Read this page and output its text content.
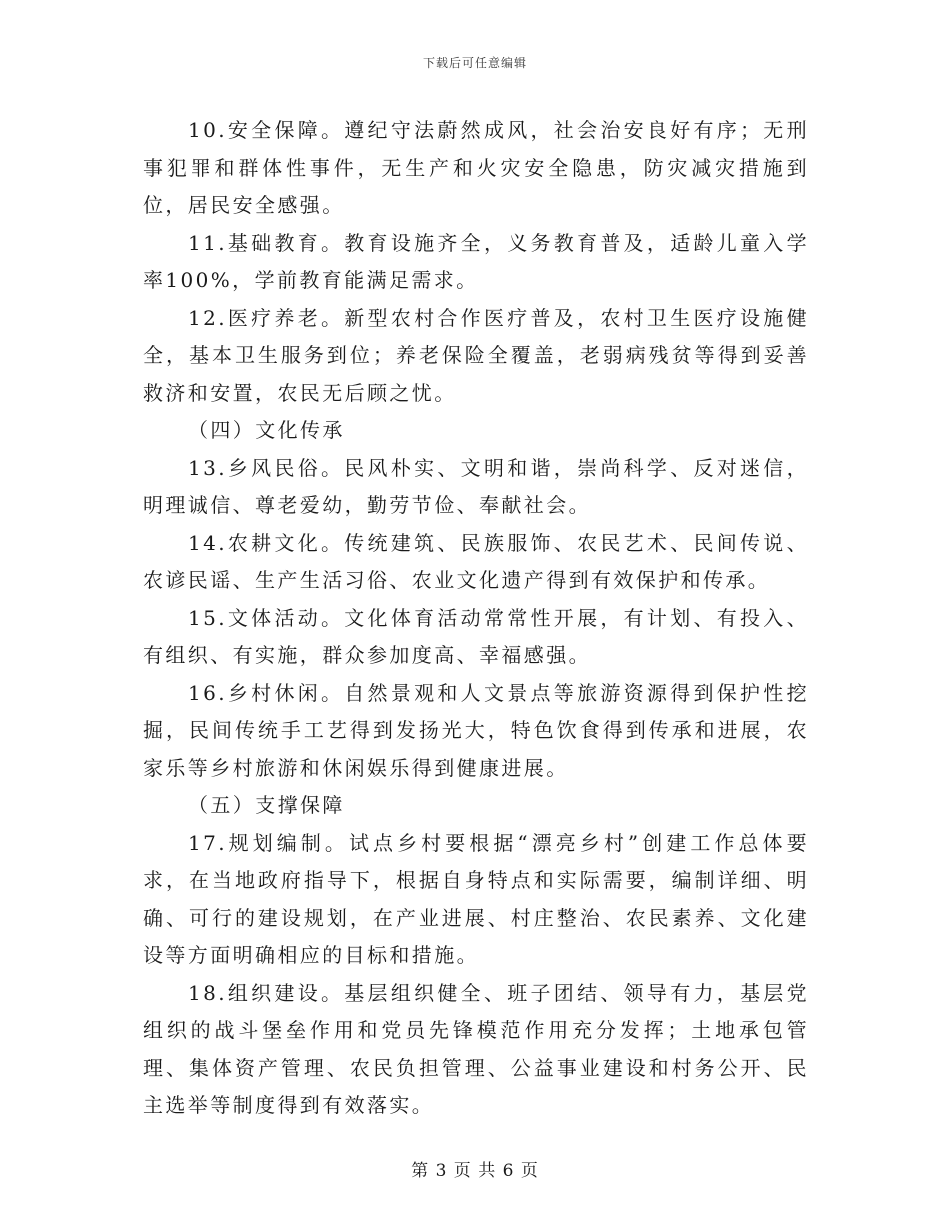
下载后可任意编辑

10.安全保障。遵纪守法蔚然成风，社会治安良好有序；无刑事犯罪和群体性事件，无生产和火灾安全隐患，防灾减灾措施到位，居民安全感强。

11.基础教育。教育设施齐全，义务教育普及，适龄儿童入学率100%，学前教育能满足需求。

12.医疗养老。新型农村合作医疗普及，农村卫生医疗设施健全，基本卫生服务到位；养老保险全覆盖，老弱病残贫等得到妥善救济和安置，农民无后顾之忧。

（四）文化传承

13.乡风民俗。民风朴实、文明和谐，崇尚科学、反对迷信，明理诚信、尊老爱幼，勤劳节俭、奉献社会。

14.农耕文化。传统建筑、民族服饰、农民艺术、民间传说、农谚民谣、生产生活习俗、农业文化遗产得到有效保护和传承。

15.文体活动。文化体育活动常常性开展，有计划、有投入、有组织、有实施，群众参加度高、幸福感强。

16.乡村休闲。自然景观和人文景点等旅游资源得到保护性挖掘，民间传统手工艺得到发扬光大，特色饮食得到传承和进展，农家乐等乡村旅游和休闲娱乐得到健康进展。

（五）支撑保障

17.规划编制。试点乡村要根据“漂亮乡村”创建工作总体要求，在当地政府指导下，根据自身特点和实际需要，编制详细、明确、可行的建设规划，在产业进展、村庄整治、农民素养、文化建设等方面明确相应的目标和措施。

18.组织建设。基层组织健全、班子团结、领导有力，基层党组织的战斗堡垒作用和党员先锋模范作用充分发挥；土地承包管理、集体资产管理、农民负担管理、公益事业建设和村务公开、民主选举等制度得到有效落实。

第 3 页 共 6 页
